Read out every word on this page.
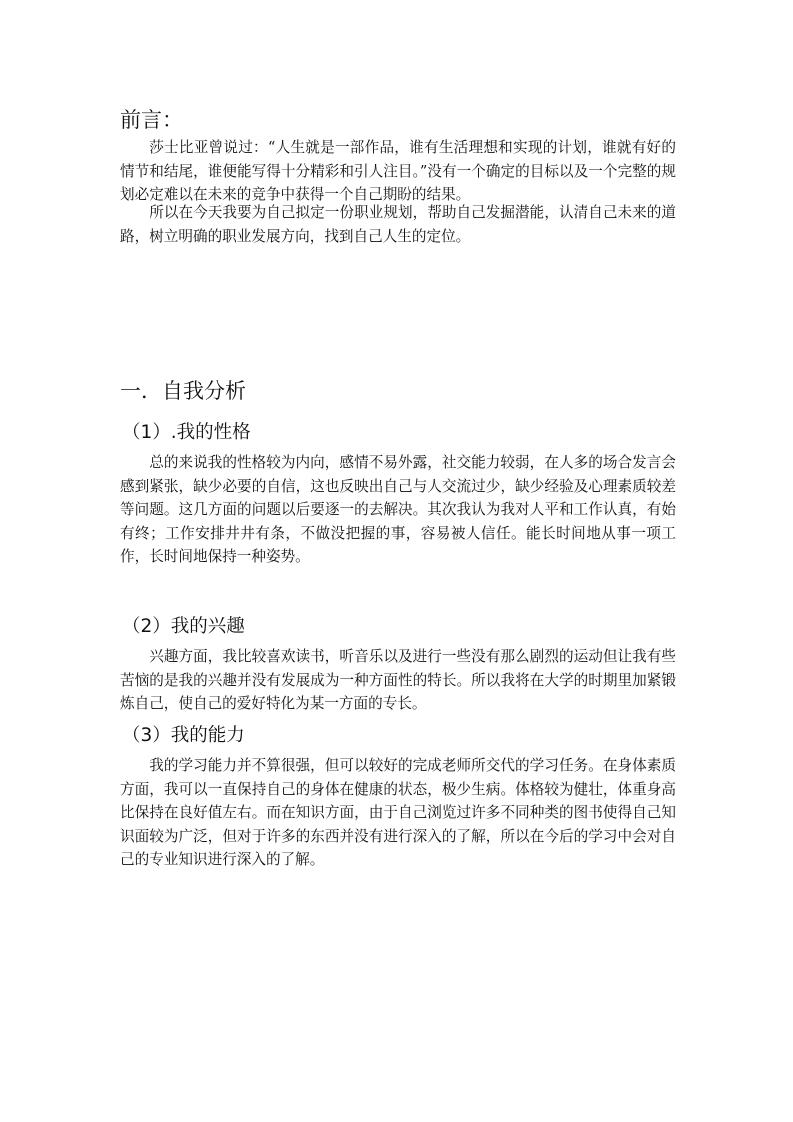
前言：

莎士比亚曾说过：“人生就是一部作品，谁有生活理想和实现的计划，谁就有好的情节和结尾，谁便能写得十分精彩和引人注目。”没有一个确定的目标以及一个完整的规划必定难以在未来的竞争中获得一个自己期盼的结果。

所以在今天我要为自己拟定一份职业规划，帮助自己发掘潜能，认清自己未来的道路，树立明确的职业发展方向，找到自己人生的定位。

一．自我分析
（1）.我的性格

总的来说我的性格较为内向，感情不易外露，社交能力较弱，在人多的场合发言会感到紧张，缺少必要的自信，这也反映出自己与人交流过少，缺少经验及心理素质较差等问题。这几方面的问题以后要逐一的去解决。其次我认为我对人平和工作认真，有始有终；工作安排井井有条，不做没把握的事，容易被人信任。能长时间地从事一项工作，长时间地保持一种姿势。

（2）我的兴趣

兴趣方面，我比较喜欢读书，听音乐以及进行一些没有那么剧烈的运动但让我有些苦恼的是我的兴趣并没有发展成为一种方面性的特长。所以我将在大学的时期里加紧锻炼自己，使自己的爱好特化为某一方面的专长。

（3）我的能力

我的学习能力并不算很强，但可以较好的完成老师所交代的学习任务。在身体素质方面，我可以一直保持自己的身体在健康的状态，极少生病。体格较为健壮，体重身高比保持在良好值左右。而在知识方面，由于自己浏览过许多不同种类的图书使得自己知识面较为广泛，但对于许多的东西并没有进行深入的了解，所以在今后的学习中会对自己的专业知识进行深入的了解。
